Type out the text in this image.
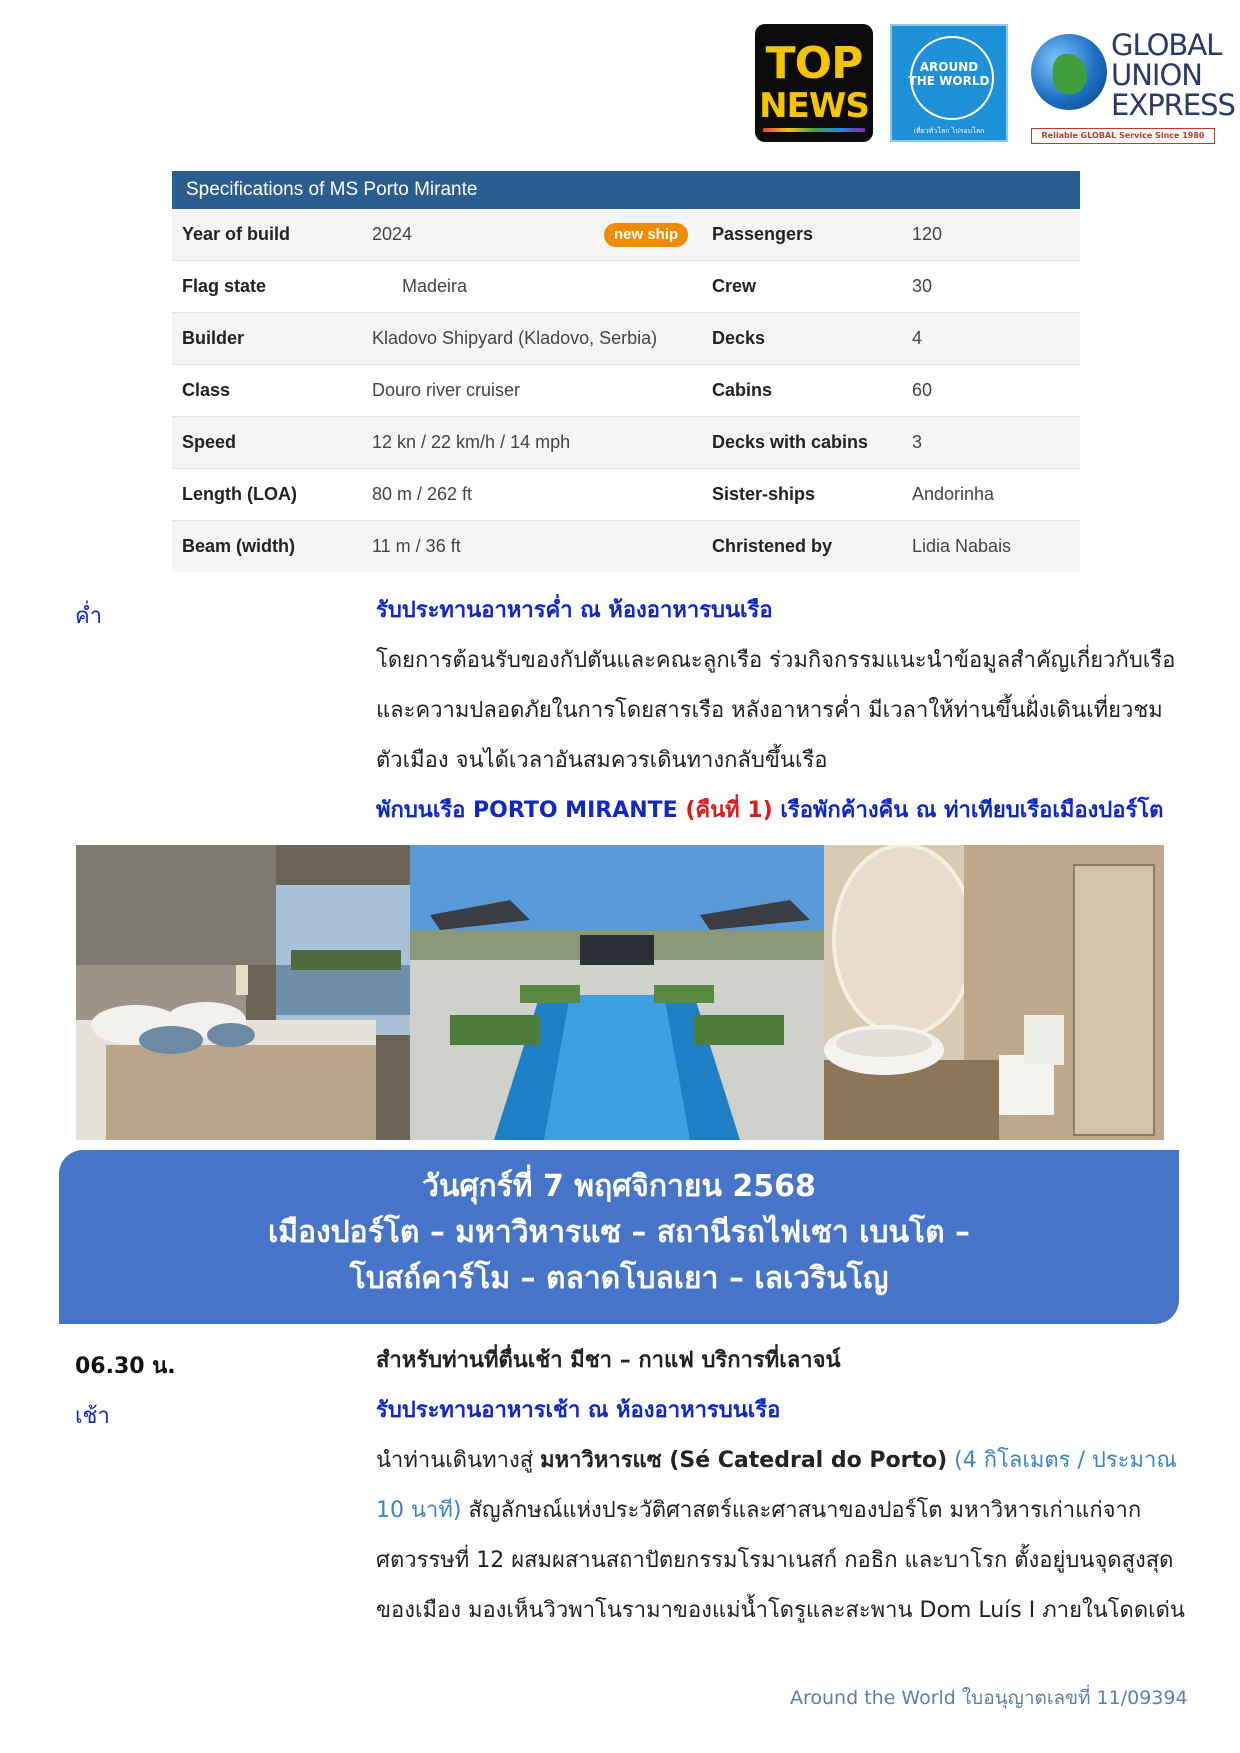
TOP
NEWS
AROUND
THE WORLD
เที่ยวทั่วโลก ไปรอบโลก
GLOBAL
UNION
EXPRESS
Reliable GLOBAL Service Since 1980
Specifications of MS Porto Mirante
Year of build	2024	new ship	Passengers	120
Flag state	Madeira	Crew	30
Builder	Kladovo Shipyard (Kladovo, Serbia)	Decks	4
Class	Douro river cruiser	Cabins	60
Speed	12 kn / 22 km/h / 14 mph	Decks with cabins 3
Length (LOA)	80 m / 262 ft	Sister-ships	Andorinha
Beam (width)	11 m / 36 ft	Christened by	Lidia Nabais
ค่ำ	รับประทานอาหารค่ำ ณ ห้องอาหารบนเรือ
โดยการต้อนรับของกัปตันและคณะลูกเรือ ร่วมกิจกรรมแนะนำข้อมูลสำคัญเกี่ยวกับเรือ
และความปลอดภัยในการโดยสารเรือ หลังอาหารค่ำ มีเวลาให้ท่านขึ้นฝั่งเดินเที่ยวชม
ตัวเมือง จนได้เวลาอันสมควรเดินทางกลับขึ้นเรือ
พักบนเรือ PORTO MIRANTE (คืนที่ 1) เรือพักค้างคืน ณ ท่าเทียบเรือเมืองปอร์โต
วันศุกร์ที่ 7 พฤศจิกายน 2568
เมืองปอร์โต – มหาวิหารแซ – สถานีรถไฟเซา เบนโต –
โบสถ์คาร์โม – ตลาดโบลเยา – เลเวรินโญ
06.30 น.	สำหรับท่านที่ตื่นเช้า มีชา – กาแฟ บริการที่เลาจน์
เช้า	รับประทานอาหารเช้า ณ ห้องอาหารบนเรือ
นำท่านเดินทางสู่ มหาวิหารแซ (Sé Catedral do Porto) (4 กิโลเมตร / ประมาณ
10 นาที) สัญลักษณ์แห่งประวัติศาสตร์และศาสนาของปอร์โต มหาวิหารเก่าแก่จาก
ศตวรรษที่ 12 ผสมผสานสถาปัตยกรรมโรมาเนสก์ กอธิก และบาโรก ตั้งอยู่บนจุดสูงสุด
ของเมือง มองเห็นวิวพาโนรามาของแม่น้ำโดรูและสะพาน Dom Luís I ภายในโดดเด่น
Around the World ใบอนุญาตเลขที่ 11/09394
